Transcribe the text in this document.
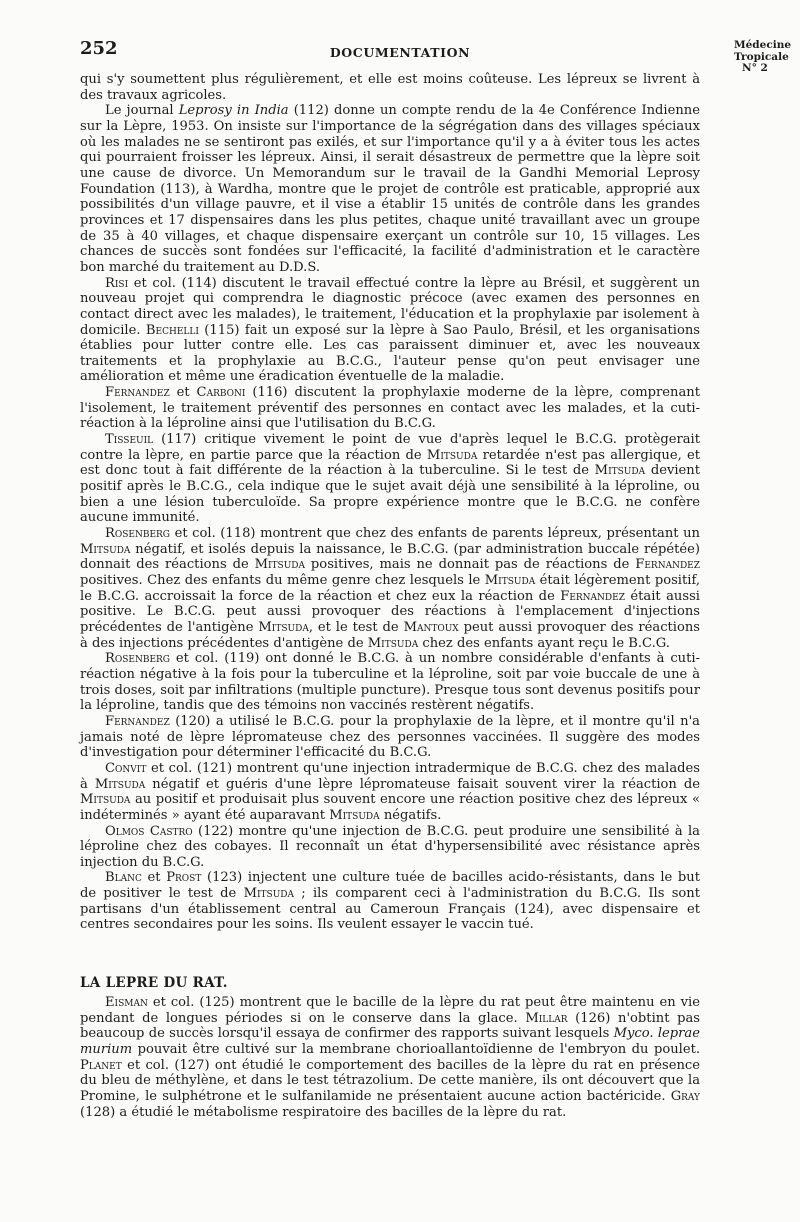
252	DOCUMENTATION	Médecine
Tropicale
N° 2

qui s'y soumettent plus régulièrement, et elle est moins coûteuse. Les lépreux se livrent à des travaux agricoles.

Le journal Leprosy in India (112) donne un compte rendu de la 4e Conférence Indienne sur la Lèpre, 1953. On insiste sur l'importance de la ségrégation dans des villages spéciaux où les malades ne se sentiront pas exilés, et sur l'importance qu'il y a à éviter tous les actes qui pourraient froisser les lépreux. Ainsi, il serait désastreux de permettre que la lèpre soit une cause de divorce. Un Memorandum sur le travail de la Gandhi Memorial Leprosy Foundation (113), à Wardha, montre que le projet de contrôle est praticable, approprié aux possibilités d'un village pauvre, et il vise a établir 15 unités de contrôle dans les grandes provinces et 17 dispensaires dans les plus petites, chaque unité travaillant avec un groupe de 35 à 40 villages, et chaque dispensaire exerçant un contrôle sur 10, 15 villages. Les chances de succès sont fondées sur l'efficacité, la facilité d'administration et le caractère bon marché du traitement au D.D.S.

Risi et col. (114) discutent le travail effectué contre la lèpre au Brésil, et suggèrent un nouveau projet qui comprendra le diagnostic précoce (avec examen des personnes en contact direct avec les malades), le traitement, l'éducation et la prophylaxie par isolement à domicile. Bechelli (115) fait un exposé sur la lèpre à Sao Paulo, Brésil, et les organisations établies pour lutter contre elle. Les cas paraissent diminuer et, avec les nouveaux traitements et la prophylaxie au B.C.G., l'auteur pense qu'on peut envisager une amélioration et même une éradication éventuelle de la maladie.

Fernandez et Carboni (116) discutent la prophylaxie moderne de la lèpre, comprenant l'isolement, le traitement préventif des personnes en contact avec les malades, et la cuti-réaction à la léproline ainsi que l'utilisation du B.C.G.

Tisseuil (117) critique vivement le point de vue d'après lequel le B.C.G. protègerait contre la lèpre, en partie parce que la réaction de Mitsuda retardée n'est pas allergique, et est donc tout à fait différente de la réaction à la tuberculine. Si le test de Mitsuda devient positif après le B.C.G., cela indique que le sujet avait déjà une sensibilité à la léproline, ou bien a une lésion tuberculoïde. Sa propre expérience montre que le B.C.G. ne confère aucune immunité.

Rosenberg et col. (118) montrent que chez des enfants de parents lépreux, présentant un Mitsuda négatif, et isolés depuis la naissance, le B.C.G. (par administration buccale répétée) donnait des réactions de Mitsuda positives, mais ne donnait pas de réactions de Fernandez positives. Chez des enfants du même genre chez lesquels le Mitsuda était légèrement positif, le B.C.G. accroissait la force de la réaction et chez eux la réaction de Fernandez était aussi positive. Le B.C.G. peut aussi provoquer des réactions à l'emplacement d'injections précédentes de l'antigène Mitsuda, et le test de Mantoux peut aussi provoquer des réactions à des injections précédentes d'antigène de Mitsuda chez des enfants ayant reçu le B.C.G.

Rosenberg et col. (119) ont donné le B.C.G. à un nombre considérable d'enfants à cuti-réaction négative à la fois pour la tuberculine et la léproline, soit par voie buccale de une à trois doses, soit par infiltrations (multiple puncture). Presque tous sont devenus positifs pour la léproline, tandis que des témoins non vaccinés restèrent négatifs.

Fernandez (120) a utilisé le B.C.G. pour la prophylaxie de la lèpre, et il montre qu'il n'a jamais noté de lèpre lépromateuse chez des personnes vaccinées. Il suggère des modes d'investigation pour déterminer l'efficacité du B.C.G.

Convit et col. (121) montrent qu'une injection intradermique de B.C.G. chez des malades à Mitsuda négatif et guéris d'une lèpre lépromateuse faisait souvent virer la réaction de Mitsuda au positif et produisait plus souvent encore une réaction positive chez des lépreux « indéterminés » ayant été auparavant Mitsuda négatifs.

Olmos Castro (122) montre qu'une injection de B.C.G. peut produire une sensibilité à la léproline chez des cobayes. Il reconnaît un état d'hypersensibilité avec résistance après injection du B.C.G.

Blanc et Prost (123) injectent une culture tuée de bacilles acido-résistants, dans le but de positiver le test de Mitsuda ; ils comparent ceci à l'administration du B.C.G. Ils sont partisans d'un établissement central au Cameroun Français (124), avec dispensaire et centres secondaires pour les soins. Ils veulent essayer le vaccin tué.

LA LEPRE DU RAT.

Eisman et col. (125) montrent que le bacille de la lèpre du rat peut être maintenu en vie pendant de longues périodes si on le conserve dans la glace. Millar (126) n'obtint pas beaucoup de succès lorsqu'il essaya de confirmer des rapports suivant lesquels Myco. leprae murium pouvait être cultivé sur la membrane chorioallantoïdienne de l'embryon du poulet. Planet et col. (127) ont étudié le comportement des bacilles de la lèpre du rat en présence du bleu de méthylène, et dans le test tétrazolium. De cette manière, ils ont découvert que la Promine, le sulphétrone et le sulfanilamide ne présentaient aucune action bactéricide. Gray (128) a étudié le métabolisme respiratoire des bacilles de la lèpre du rat.
